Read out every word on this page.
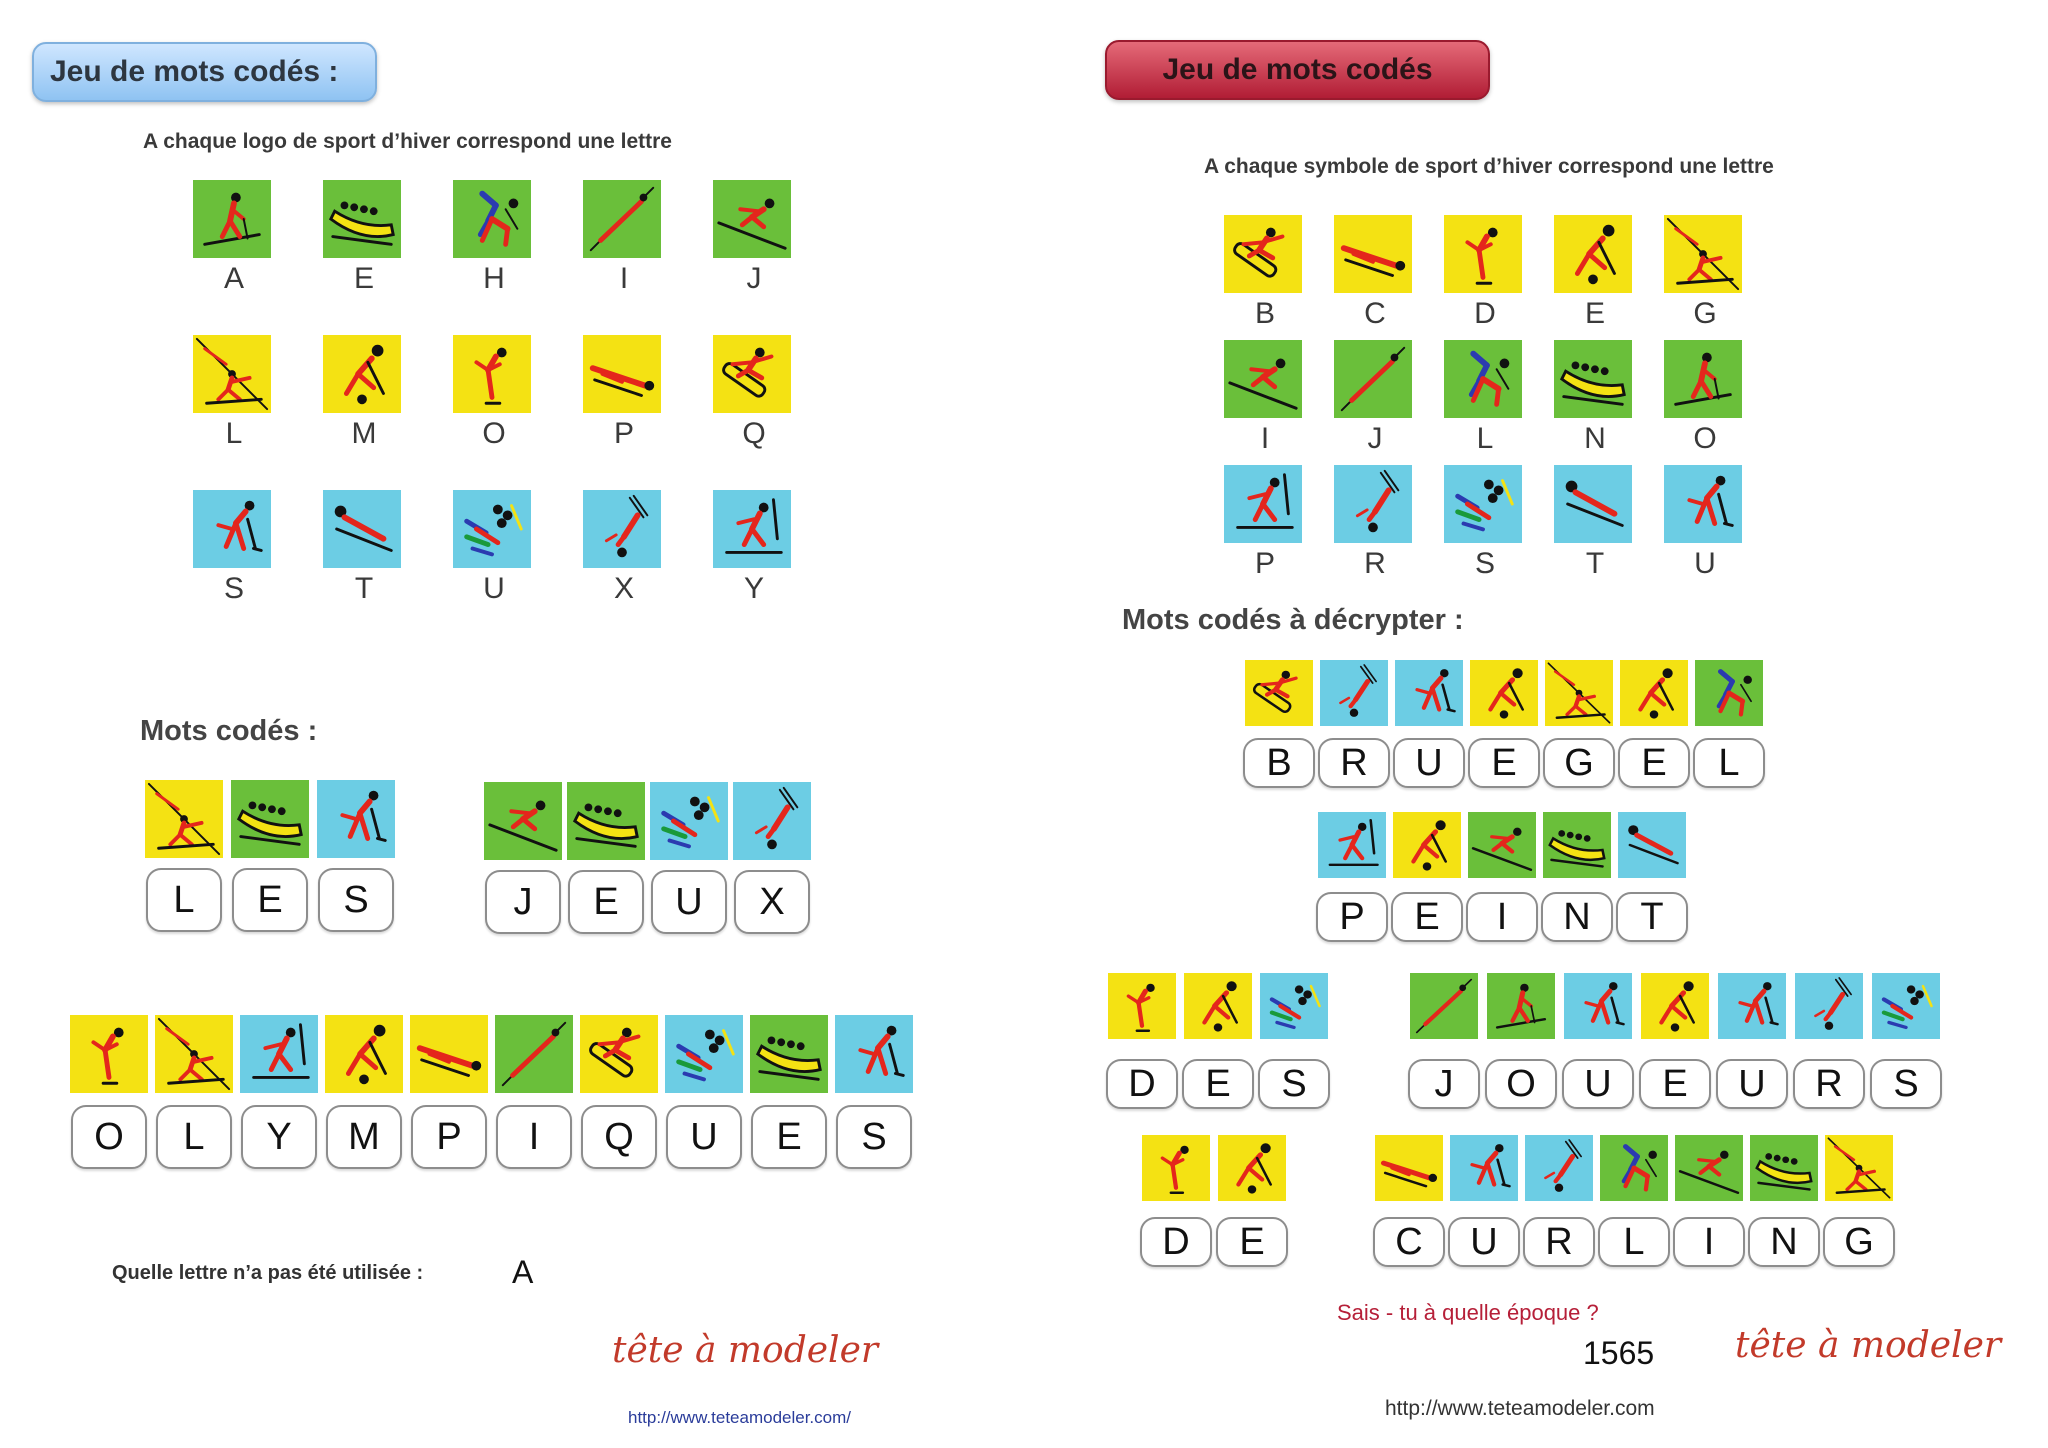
Jeu de mots codés :
A chaque logo de sport d’hiver correspond une lettre
A	E	H	I	J
L	M	O	P	Q
S	T	U	X	Y
Mots codés :
L	E	S	J	E	U	X
O	L	Y	M	P	I	Q	U	E	S
Quelle lettre n’a pas été utilisée :	A
tête à modeler
http://www.teteamodeler.com/
Jeu de mots codés
A chaque symbole de sport d’hiver correspond une lettre
B	C	D	E	G
I	J	L	N	O
P	R	S	T	U
Mots codés à décrypter :
B	R	U	E	G	E	L
P	E	I	N	T
D	E	S	J	O	U	E	U	R	S
D	E	C	U	R	L	I	N	G
Sais - tu à quelle époque ?
1565
http://www.teteamodeler.com
tête à modeler
